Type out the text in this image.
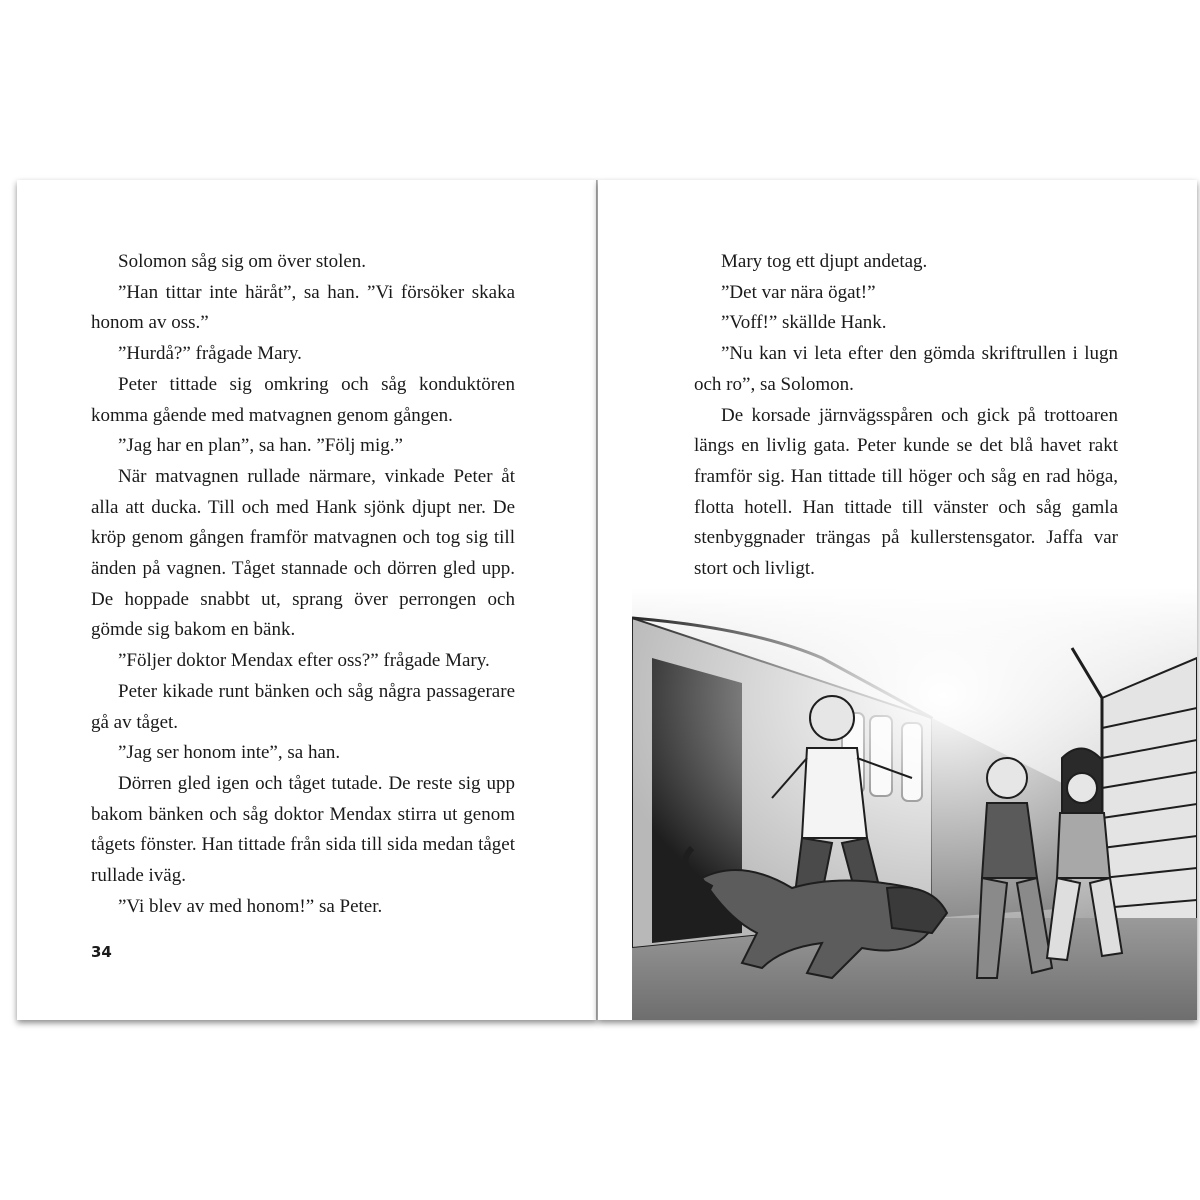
Solomon såg sig om över stolen.

”Han tittar inte häråt”, sa han. ”Vi försöker skaka honom av oss.”

”Hurdå?” frågade Mary.

Peter tittade sig omkring och såg konduktören komma gående med matvagnen genom gången.

”Jag har en plan”, sa han. ”Följ mig.”

När matvagnen rullade närmare, vinkade Peter åt alla att ducka. Till och med Hank sjönk djupt ner. De kröp genom gången framför matvagnen och tog sig till änden på vagnen. Tåget stannade och dörren gled upp. De hoppade snabbt ut, sprang över perrongen och gömde sig bakom en bänk.

”Följer doktor Mendax efter oss?” frågade Mary.

Peter kikade runt bänken och såg några passagerare gå av tåget.

”Jag ser honom inte”, sa han.

Dörren gled igen och tåget tutade. De reste sig upp bakom bänken och såg doktor Mendax stirra ut genom tågets fönster. Han tittade från sida till sida medan tåget rullade iväg.

”Vi blev av med honom!” sa Peter.

34

Mary tog ett djupt andetag.

”Det var nära ögat!”

”Voff!” skällde Hank.

”Nu kan vi leta efter den gömda skriftrullen i lugn och ro”, sa Solomon.

De korsade järnvägsspåren och gick på trottoaren längs en livlig gata. Peter kunde se det blå havet rakt framför sig. Han tittade till höger och såg en rad höga, flotta hotell. Han tittade till vänster och såg gamla stenbyggnader trängas på kullerstensgator. Jaffa var stort och livligt.
